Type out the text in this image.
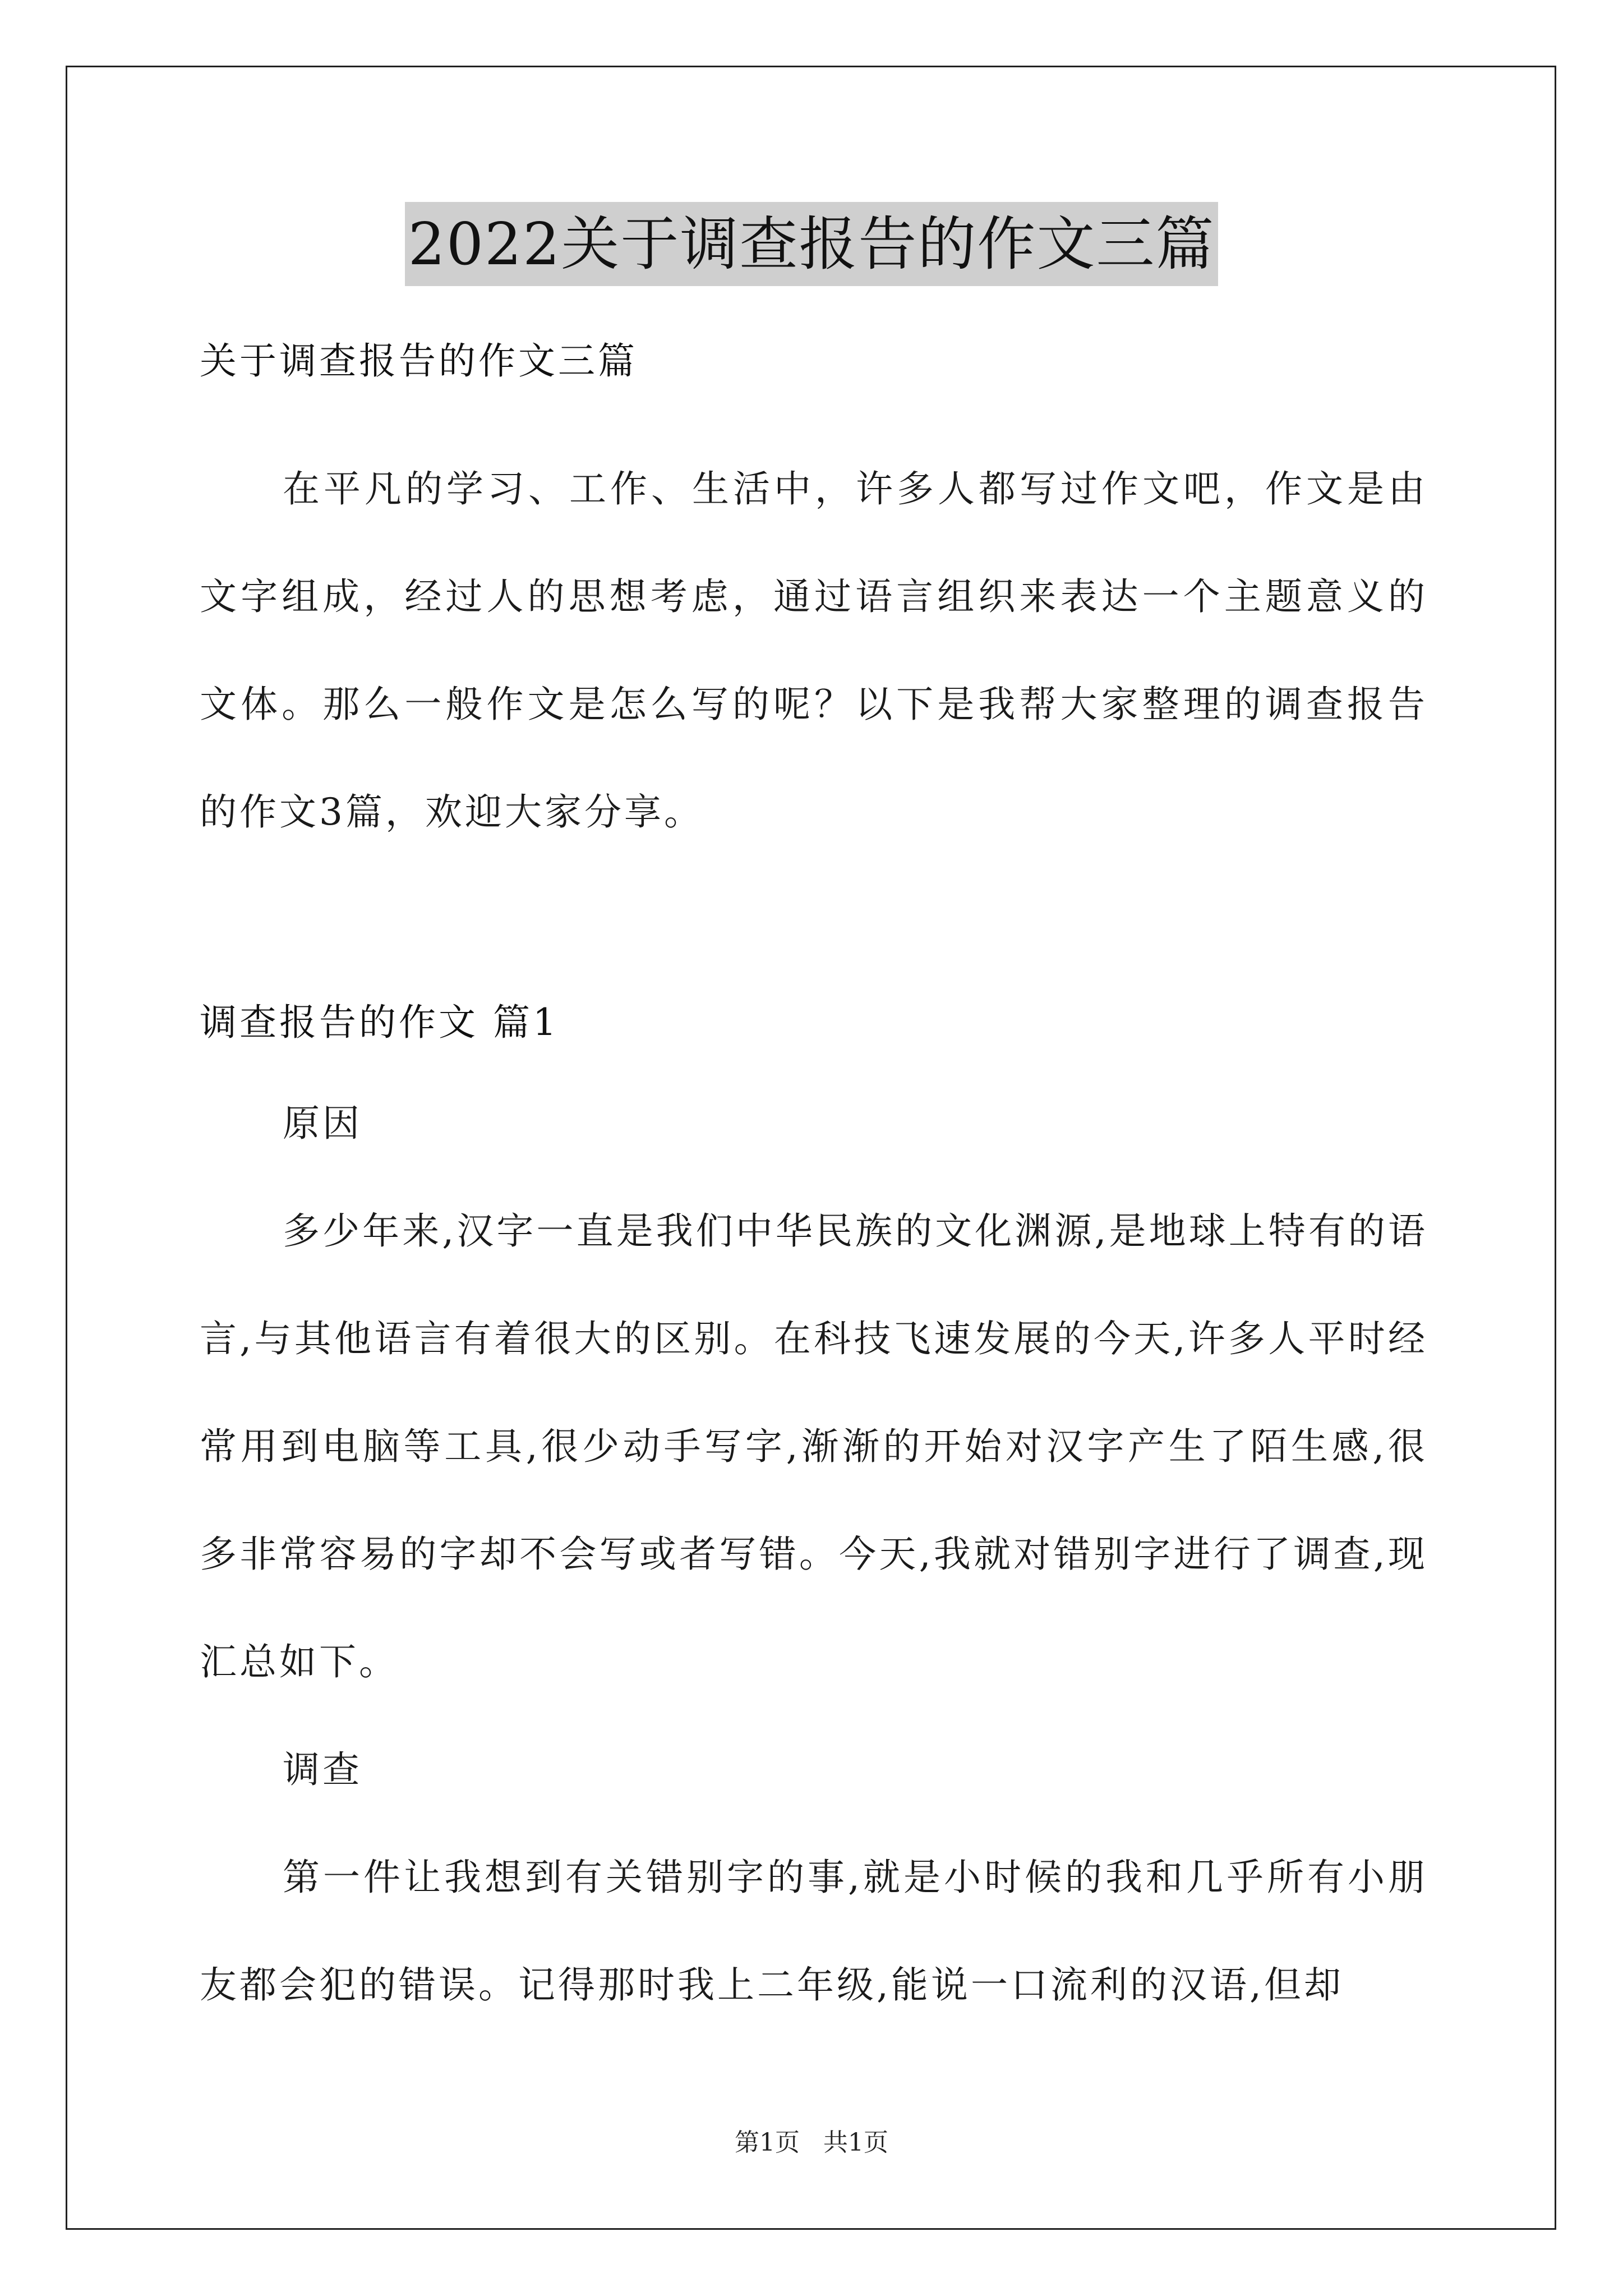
2022关于调查报告的作文三篇
关于调查报告的作文三篇

在平凡的学习、工作、生活中，许多人都写过作文吧，作文是由文字组成，经过人的思想考虑，通过语言组织来表达一个主题意义的文体。那么一般作文是怎么写的呢？以下是我帮大家整理的调查报告的作文3篇，欢迎大家分享。

调查报告的作文 篇1

原因

多少年来,汉字一直是我们中华民族的文化渊源,是地球上特有的语言,与其他语言有着很大的区别。在科技飞速发展的今天,许多人平时经常用到电脑等工具,很少动手写字,渐渐的开始对汉字产生了陌生感,很多非常容易的字却不会写或者写错。今天,我就对错别字进行了调查,现汇总如下。

调查

第一件让我想到有关错别字的事,就是小时候的我和几乎所有小朋友都会犯的错误。记得那时我上二年级,能说一口流利的汉语,但却

第1页   共1页
